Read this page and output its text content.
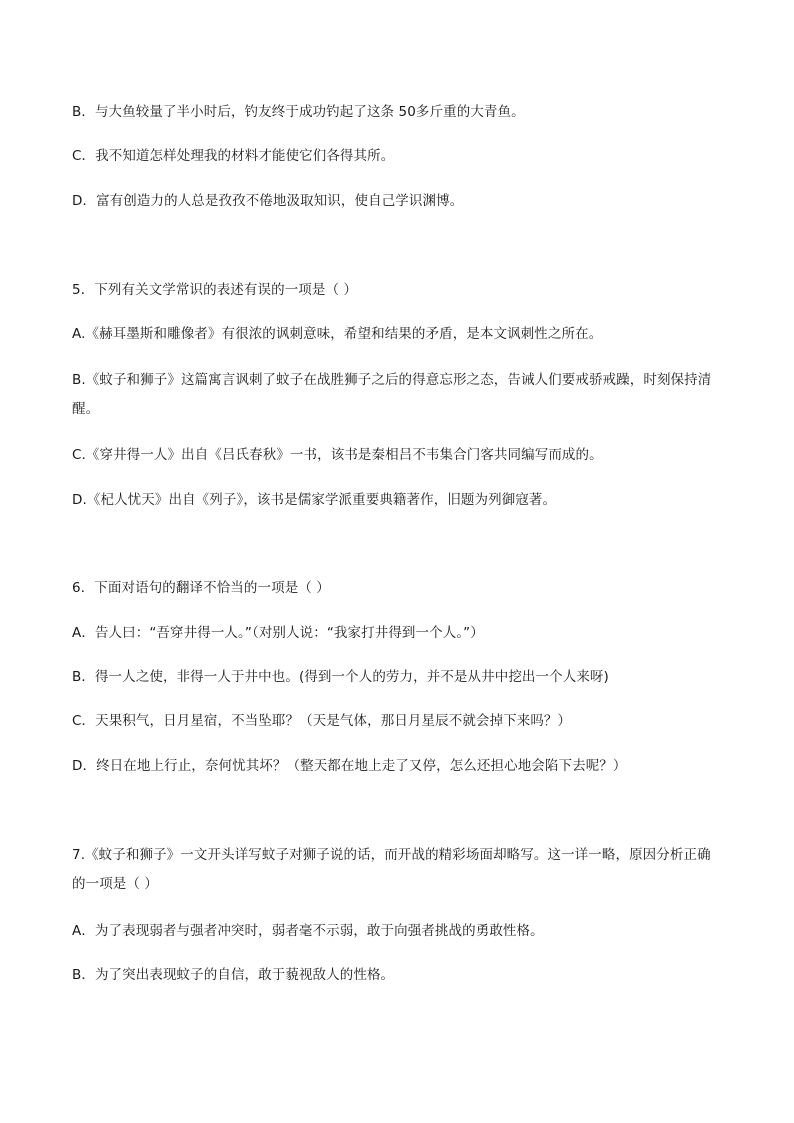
B．与大鱼较量了半小时后，钓友终于成功钓起了这条 50多斤重的大青鱼。
C．我不知道怎样处理我的材料才能使它们各得其所。
D．富有创造力的人总是孜孜不倦地汲取知识，使自己学识渊博。
5．下列有关文学常识的表述有误的一项是（ ）
A.《赫耳墨斯和雕像者》有很浓的讽刺意味，希望和结果的矛盾，是本文讽刺性之所在。
B.《蚊子和狮子》这篇寓言讽刺了蚊子在战胜狮子之后的得意忘形之态，告诫人们要戒骄戒躁，时刻保持清醒。
C.《穿井得一人》出自《吕氏春秋》一书，该书是秦相吕不韦集合门客共同编写而成的。
D.《杞人忧天》出自《列子》，该书是儒家学派重要典籍著作，旧题为列御寇著。
6．下面对语句的翻译不恰当的一项是（ ）
A．告人曰：“吾穿井得一人。”（对别人说：“我家打井得到一个人。”）
B．得一人之使，非得一人于井中也。(得到一个人的劳力，并不是从井中挖出一个人来呀)
C．天果积气，日月星宿，不当坠耶？（天是气体，那日月星辰不就会掉下来吗？）
D．终日在地上行止，奈何忧其坏？（整天都在地上走了又停，怎么还担心地会陷下去呢？）
7.《蚊子和狮子》一文开头详写蚊子对狮子说的话，而开战的精彩场面却略写。这一详一略，原因分析正确的一项是（ ）
A．为了表现弱者与强者冲突时，弱者毫不示弱，敢于向强者挑战的勇敢性格。
B．为了突出表现蚊子的自信，敢于藐视敌人的性格。
